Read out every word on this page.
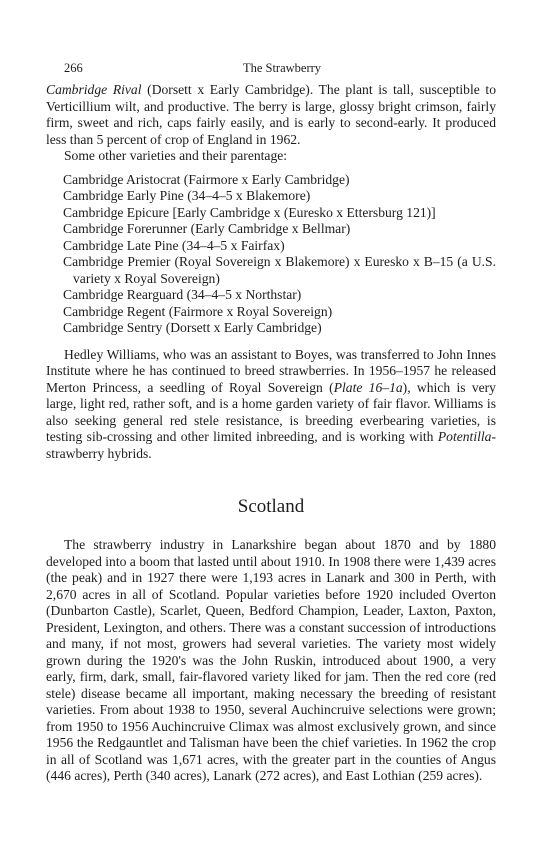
266	The Strawberry

Cambridge Rival (Dorsett x Early Cambridge). The plant is tall, susceptible to Verticillium wilt, and productive. The berry is large, glossy bright crimson, fairly firm, sweet and rich, caps fairly easily, and is early to second-early. It produced less than 5 percent of crop of England in 1962.

Some other varieties and their parentage:

Cambridge Aristocrat (Fairmore x Early Cambridge)

Cambridge Early Pine (34–4–5 x Blakemore)

Cambridge Epicure [Early Cambridge x (Euresko x Ettersburg 121)]

Cambridge Forerunner (Early Cambridge x Bellmar)

Cambridge Late Pine (34–4–5 x Fairfax)

Cambridge Premier (Royal Sovereign x Blakemore) x Euresko x B–15 (a U.S. variety x Royal Sovereign)

Cambridge Rearguard (34–4–5 x Northstar)

Cambridge Regent (Fairmore x Royal Sovereign)

Cambridge Sentry (Dorsett x Early Cambridge)

Hedley Williams, who was an assistant to Boyes, was transferred to John Innes Institute where he has continued to breed strawberries. In 1956–1957 he released Merton Princess, a seedling of Royal Sovereign (Plate 16–1a), which is very large, light red, rather soft, and is a home garden variety of fair flavor. Williams is also seeking general red stele resistance, is breeding everbearing varieties, is testing sib-crossing and other limited inbreeding, and is working with Potentilla-strawberry hybrids.

Scotland

The strawberry industry in Lanarkshire began about 1870 and by 1880 developed into a boom that lasted until about 1910. In 1908 there were 1,439 acres (the peak) and in 1927 there were 1,193 acres in Lanark and 300 in Perth, with 2,670 acres in all of Scotland. Popular varieties before 1920 included Overton (Dunbarton Castle), Scarlet, Queen, Bedford Champion, Leader, Laxton, Paxton, President, Lexington, and others. There was a constant succession of introductions and many, if not most, growers had several varieties. The variety most widely grown during the 1920's was the John Ruskin, introduced about 1900, a very early, firm, dark, small, fair-flavored variety liked for jam. Then the red core (red stele) disease became all important, making necessary the breeding of resistant varieties. From about 1938 to 1950, several Auchincruive selections were grown; from 1950 to 1956 Auchincruive Climax was almost exclusively grown, and since 1956 the Redgauntlet and Talisman have been the chief varieties. In 1962 the crop in all of Scotland was 1,671 acres, with the greater part in the counties of Angus (446 acres), Perth (340 acres), Lanark (272 acres), and East Lothian (259 acres).
